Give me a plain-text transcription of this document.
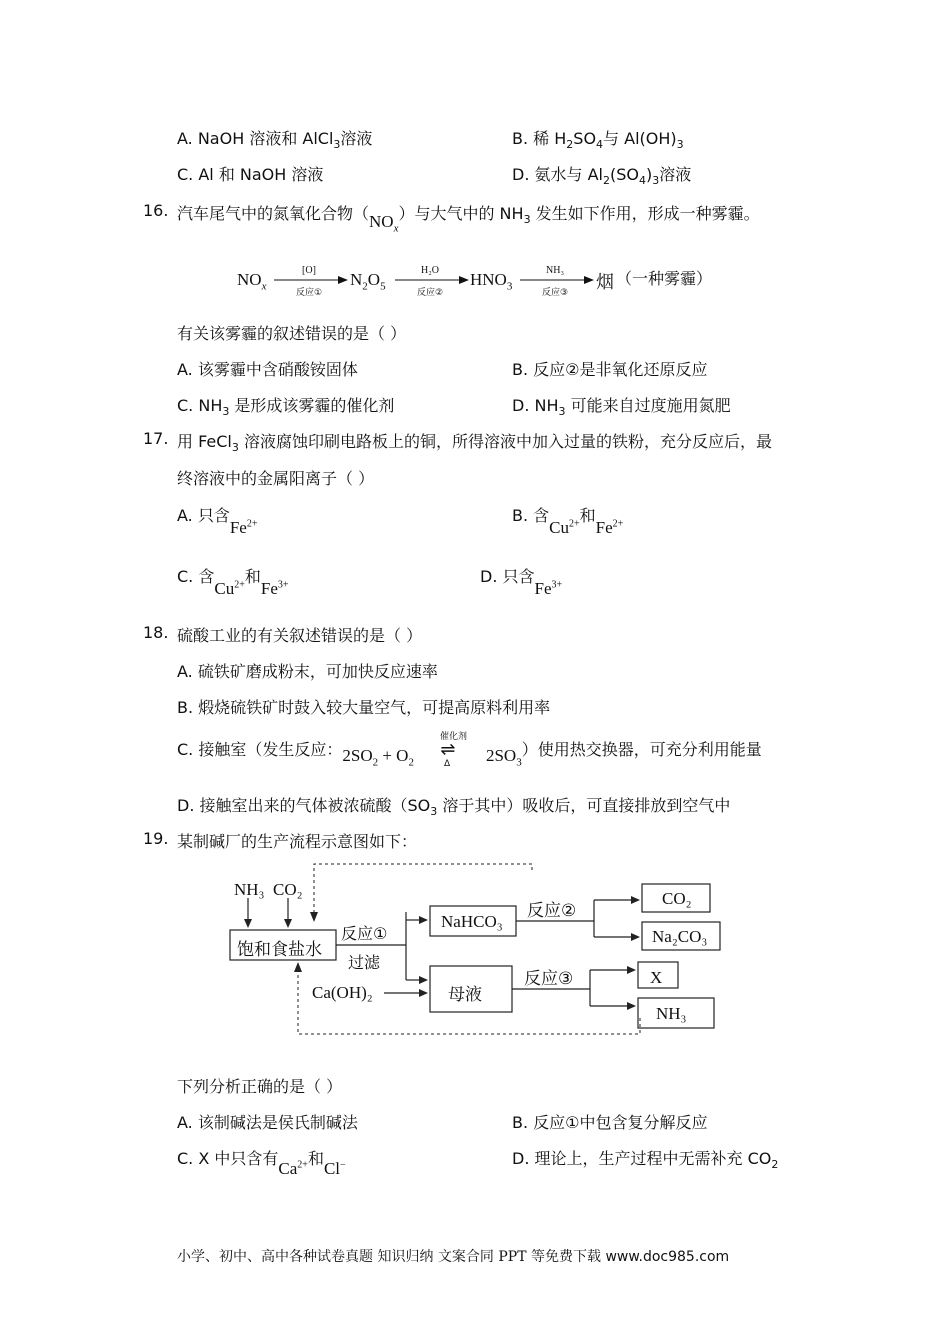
A. NaOH 溶液和 AlCl$_3$溶液	B. 稀 $H_2SO_4$与 $Al(OH)_3$
C. Al 和 NaOH 溶液	D. 氨水与 $Al_2(SO_4)_3$溶液
16. 汽车尾气中的氮氧化合物$(NO_x)$与大气中的 $NH_3$ 发生如下作用，形成一种雾霾。
$NO_x$
[O]
反应①
$N_2O_5$
H₂O
反应②
$HNO_3$
NH₃
反应③	烟 （一种雾霾）
有关该雾霾的叙述错误的是（ ）
A. 该雾霾中含硝酸铵固体	B. 反应②是非氧化还原反应
C. $NH_3$ 是形成该雾霾的催化剂	D. $NH_3$ 可能来自过度施用氮肥
17. 用 FeCl$_3$ 溶液腐蚀印刷电路板上的铜，所得溶液中加入过量的铁粉，充分反应后，最
终溶液中的金属阳离子（ ）
A. 只含$Fe^{2+}$	B. 含$Cu^{2+}$和$Fe^{2+}$
C. 含$Cu^{2+}$和$Fe^{3+}$	D. 只含$Fe^{3+}$
18. 硫酸工业的有关叙述错误的是（ ）
A. 硫铁矿磨成粉末，可加快反应速率
B. 煅烧硫铁矿时鼓入较大量空气，可提高原料利用率
C. 接触室（发生反应：$2SO_2 + O_2$
催化剂
⇌
Δ $2SO_3$）使用热交换器，可充分利用能量
D. 接触室出来的气体被浓硫酸（$SO_3$ 溶于其中）吸收后，可直接排放到空气中
19. 某制碱厂的生产流程示意图如下：
NH₃ CO₂
饱和食盐水
反应①
过滤
NaHCO₃
反应②
CO₂
Na₂CO₃
Ca(OH)₂	母液
反应③	X
NH₃
下列分析正确的是（ ）
A. 该制碱法是侯氏制碱法	B. 反应①中包含复分解反应
C. X 中只含有$Ca^{2+}$和Cl−	D. 理论上，生产过程中无需补充 $CO_2$
小学、初中、高中各种试卷真题 知识归纳 文案合同 PPT 等免费下载 www.doc985.com
